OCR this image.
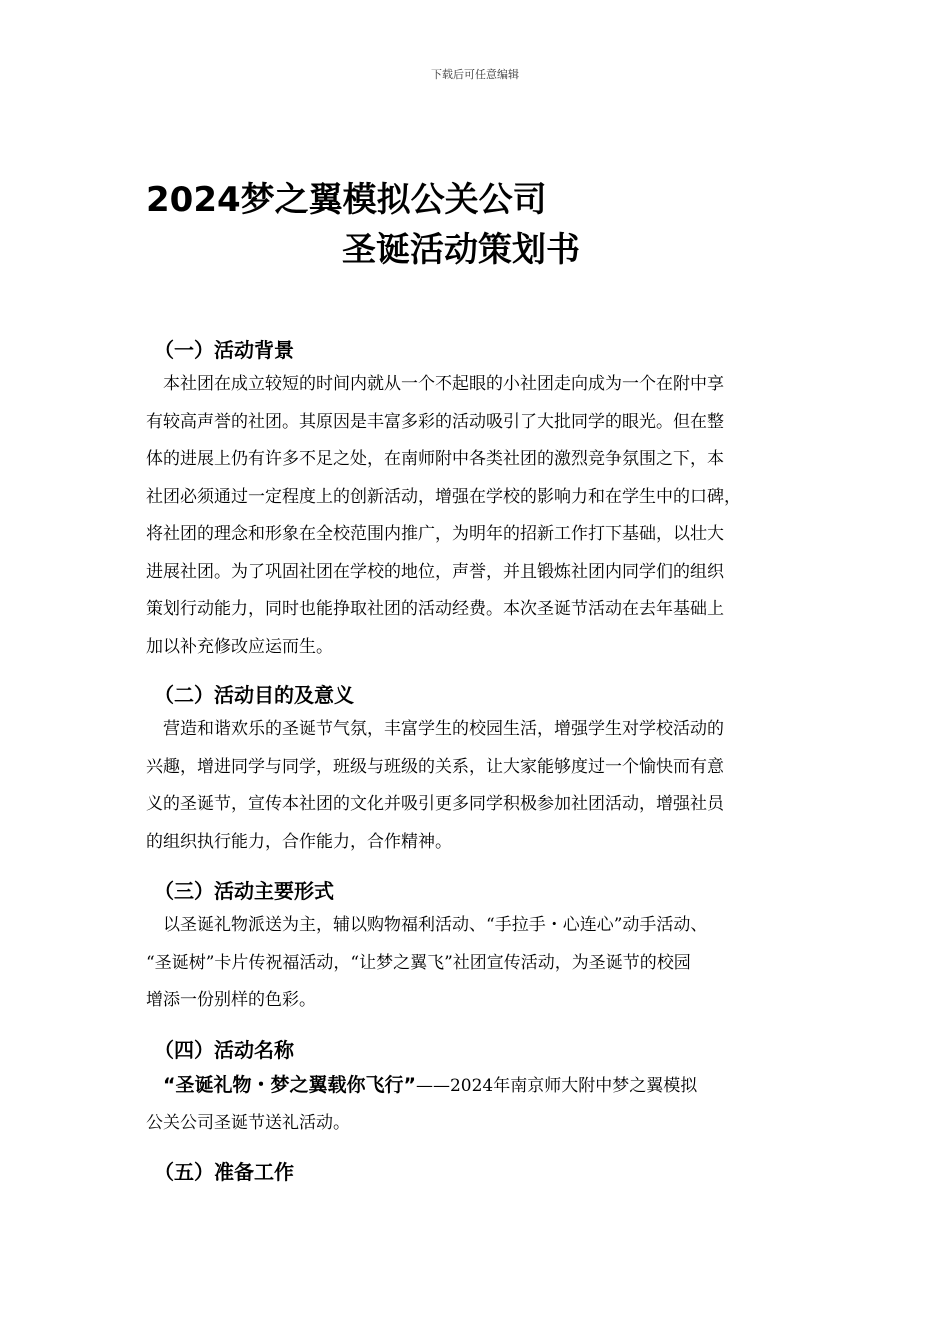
下载后可任意编辑
2024梦之翼模拟公关公司
圣诞活动策划书
（一）活动背景
　本社团在成立较短的时间内就从一个不起眼的小社团走向成为一个在附中享
有较高声誉的社团。其原因是丰富多彩的活动吸引了大批同学的眼光。但在整
体的进展上仍有许多不足之处，在南师附中各类社团的激烈竞争氛围之下，本
社团必须通过一定程度上的创新活动，增强在学校的影响力和在学生中的口碑，
将社团的理念和形象在全校范围内推广，为明年的招新工作打下基础，以壮大
进展社团。为了巩固社团在学校的地位，声誉，并且锻炼社团内同学们的组织
策划行动能力，同时也能挣取社团的活动经费。本次圣诞节活动在去年基础上
加以补充修改应运而生。
（二）活动目的及意义
　营造和谐欢乐的圣诞节气氛，丰富学生的校园生活，增强学生对学校活动的
兴趣，增进同学与同学，班级与班级的关系，让大家能够度过一个愉快而有意
义的圣诞节，宣传本社团的文化并吸引更多同学积极参加社团活动，增强社员
的组织执行能力，合作能力，合作精神。
（三）活动主要形式
　以圣诞礼物派送为主，辅以购物福利活动、“手拉手・心连心”动手活动、
“圣诞树”卡片传祝福活动，“让梦之翼飞”社团宣传活动，为圣诞节的校园
增添一份别样的色彩。
（四）活动名称
　“圣诞礼物・梦之翼载你飞行”——2024年南京师大附中梦之翼模拟
公关公司圣诞节送礼活动。
（五）准备工作
